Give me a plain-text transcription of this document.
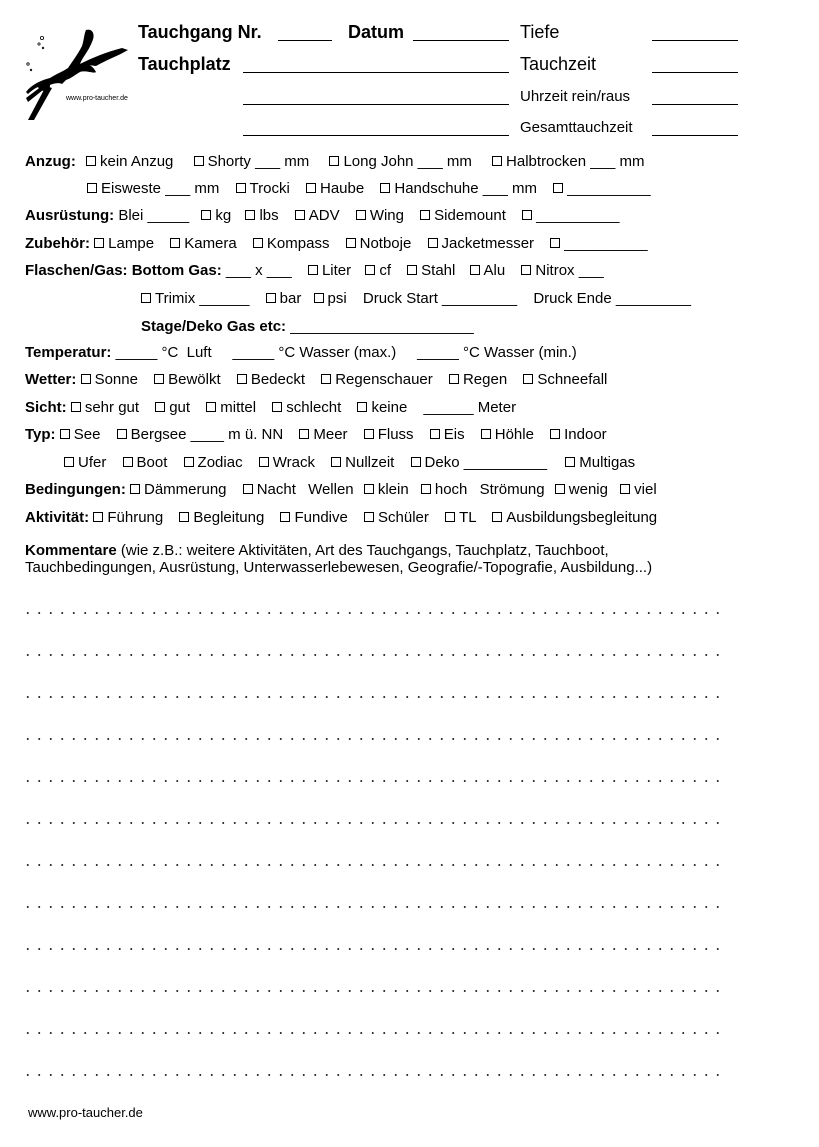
www.pro-taucher.de
Tauchgang Nr.	Datum	Tiefe
Tauchplatz	Tauchzeit
Uhrzeit rein/raus
Gesamttauchzeit
Anzug: kein Anzug Shorty ___ mm Long John ___ mm Halbtrocken ___ mm
Eisweste ___ mm Trocki Haube Handschuhe ___ mm __________
Ausrüstung: Blei _____ kg lbs ADV Wing Sidemount __________
Zubehör: Lampe Kamera Kompass Notboje Jacketmesser __________
Flaschen/Gas: Bottom Gas: ___ x ___ Liter cf Stahl Alu Nitrox ___
Trimix ______ bar psi Druck Start _________ Druck Ende _________
Stage/Deko Gas etc: ______________________
Temperatur: _____ °C  Luft     _____ °C Wasser (max.)     _____ °C Wasser (min.)
Wetter: Sonne Bewölkt Bedeckt Regenschauer Regen Schneefall
Sicht: sehr gut gut mittel schlecht keine ______ Meter
Typ: See Bergsee ____ m ü. NN Meer Fluss Eis Höhle Indoor
Ufer Boot Zodiac Wrack Nullzeit Deko __________ Multigas
Bedingungen: Dämmerung Nacht Wellen klein hoch Strömung wenig viel
Aktivität: Führung Begleitung Fundive Schüler TL Ausbildungsbegleitung
Kommentare (wie z.B.: weitere Aktivitäten, Art des Tauchgangs, Tauchplatz, Tauchboot,
Tauchbedingungen, Ausrüstung, Unterwasserlebewesen, Geografie/-Topografie, Ausbildung...)
www.pro-taucher.de
